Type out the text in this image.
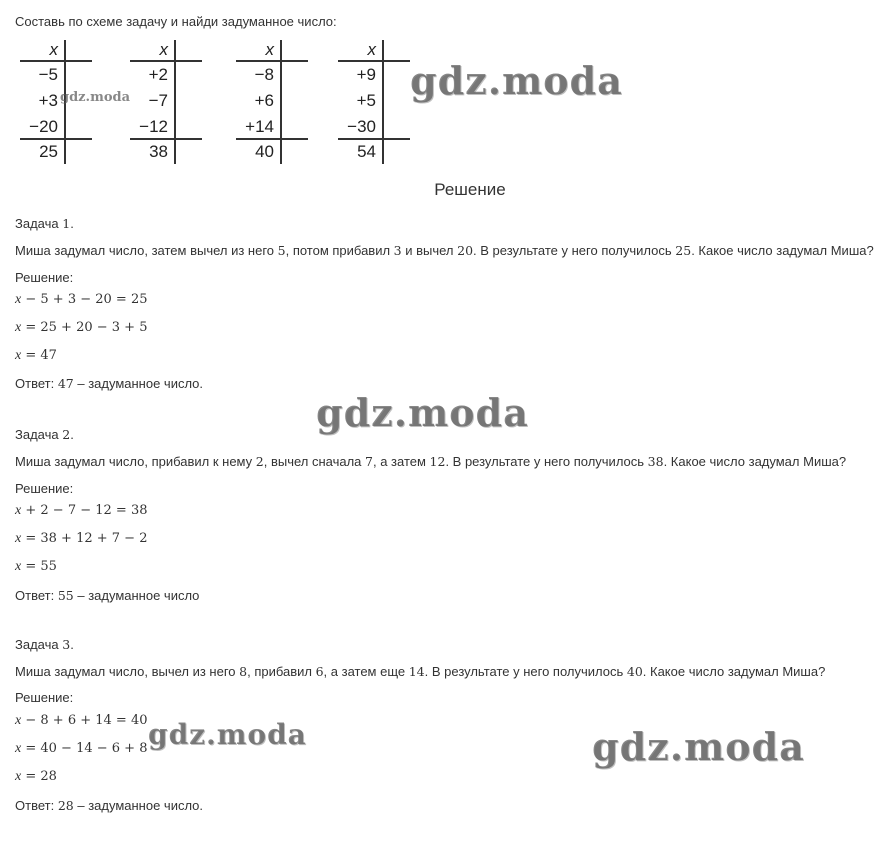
Составь по схеме задачу и найди задуманное число:
x
−5
+3
−20
25
x
+2
−7
−12
38
x
−8
+6
+14
40
x
+9
+5
−30
54
gdz.moda	gdz.moda
gdz.moda
gdz.moda	gdz.moda
Решение
Задача 1.
Миша задумал число, затем вычел из него 5, потом прибавил 3 и вычел 20. В результате у него получилось 25. Какое число задумал Миша?
Решение:
x − 5 + 3 − 20 = 25
x = 25 + 20 − 3 + 5
x = 47
Ответ: 47 – задуманное число.
Задача 2.
Миша задумал число, прибавил к нему 2, вычел сначала 7, а затем 12. В результате у него получилось 38. Какое число задумал Миша?
Решение:
x + 2 − 7 − 12 = 38
x = 38 + 12 + 7 − 2
x = 55
Ответ: 55 – задуманное число
Задача 3.
Миша задумал число, вычел из него 8, прибавил 6, а затем еще 14. В результате у него получилось 40. Какое число задумал Миша?
Решение:
x − 8 + 6 + 14 = 40
x = 40 − 14 − 6 + 8
x = 28
Ответ: 28 – задуманное число.
